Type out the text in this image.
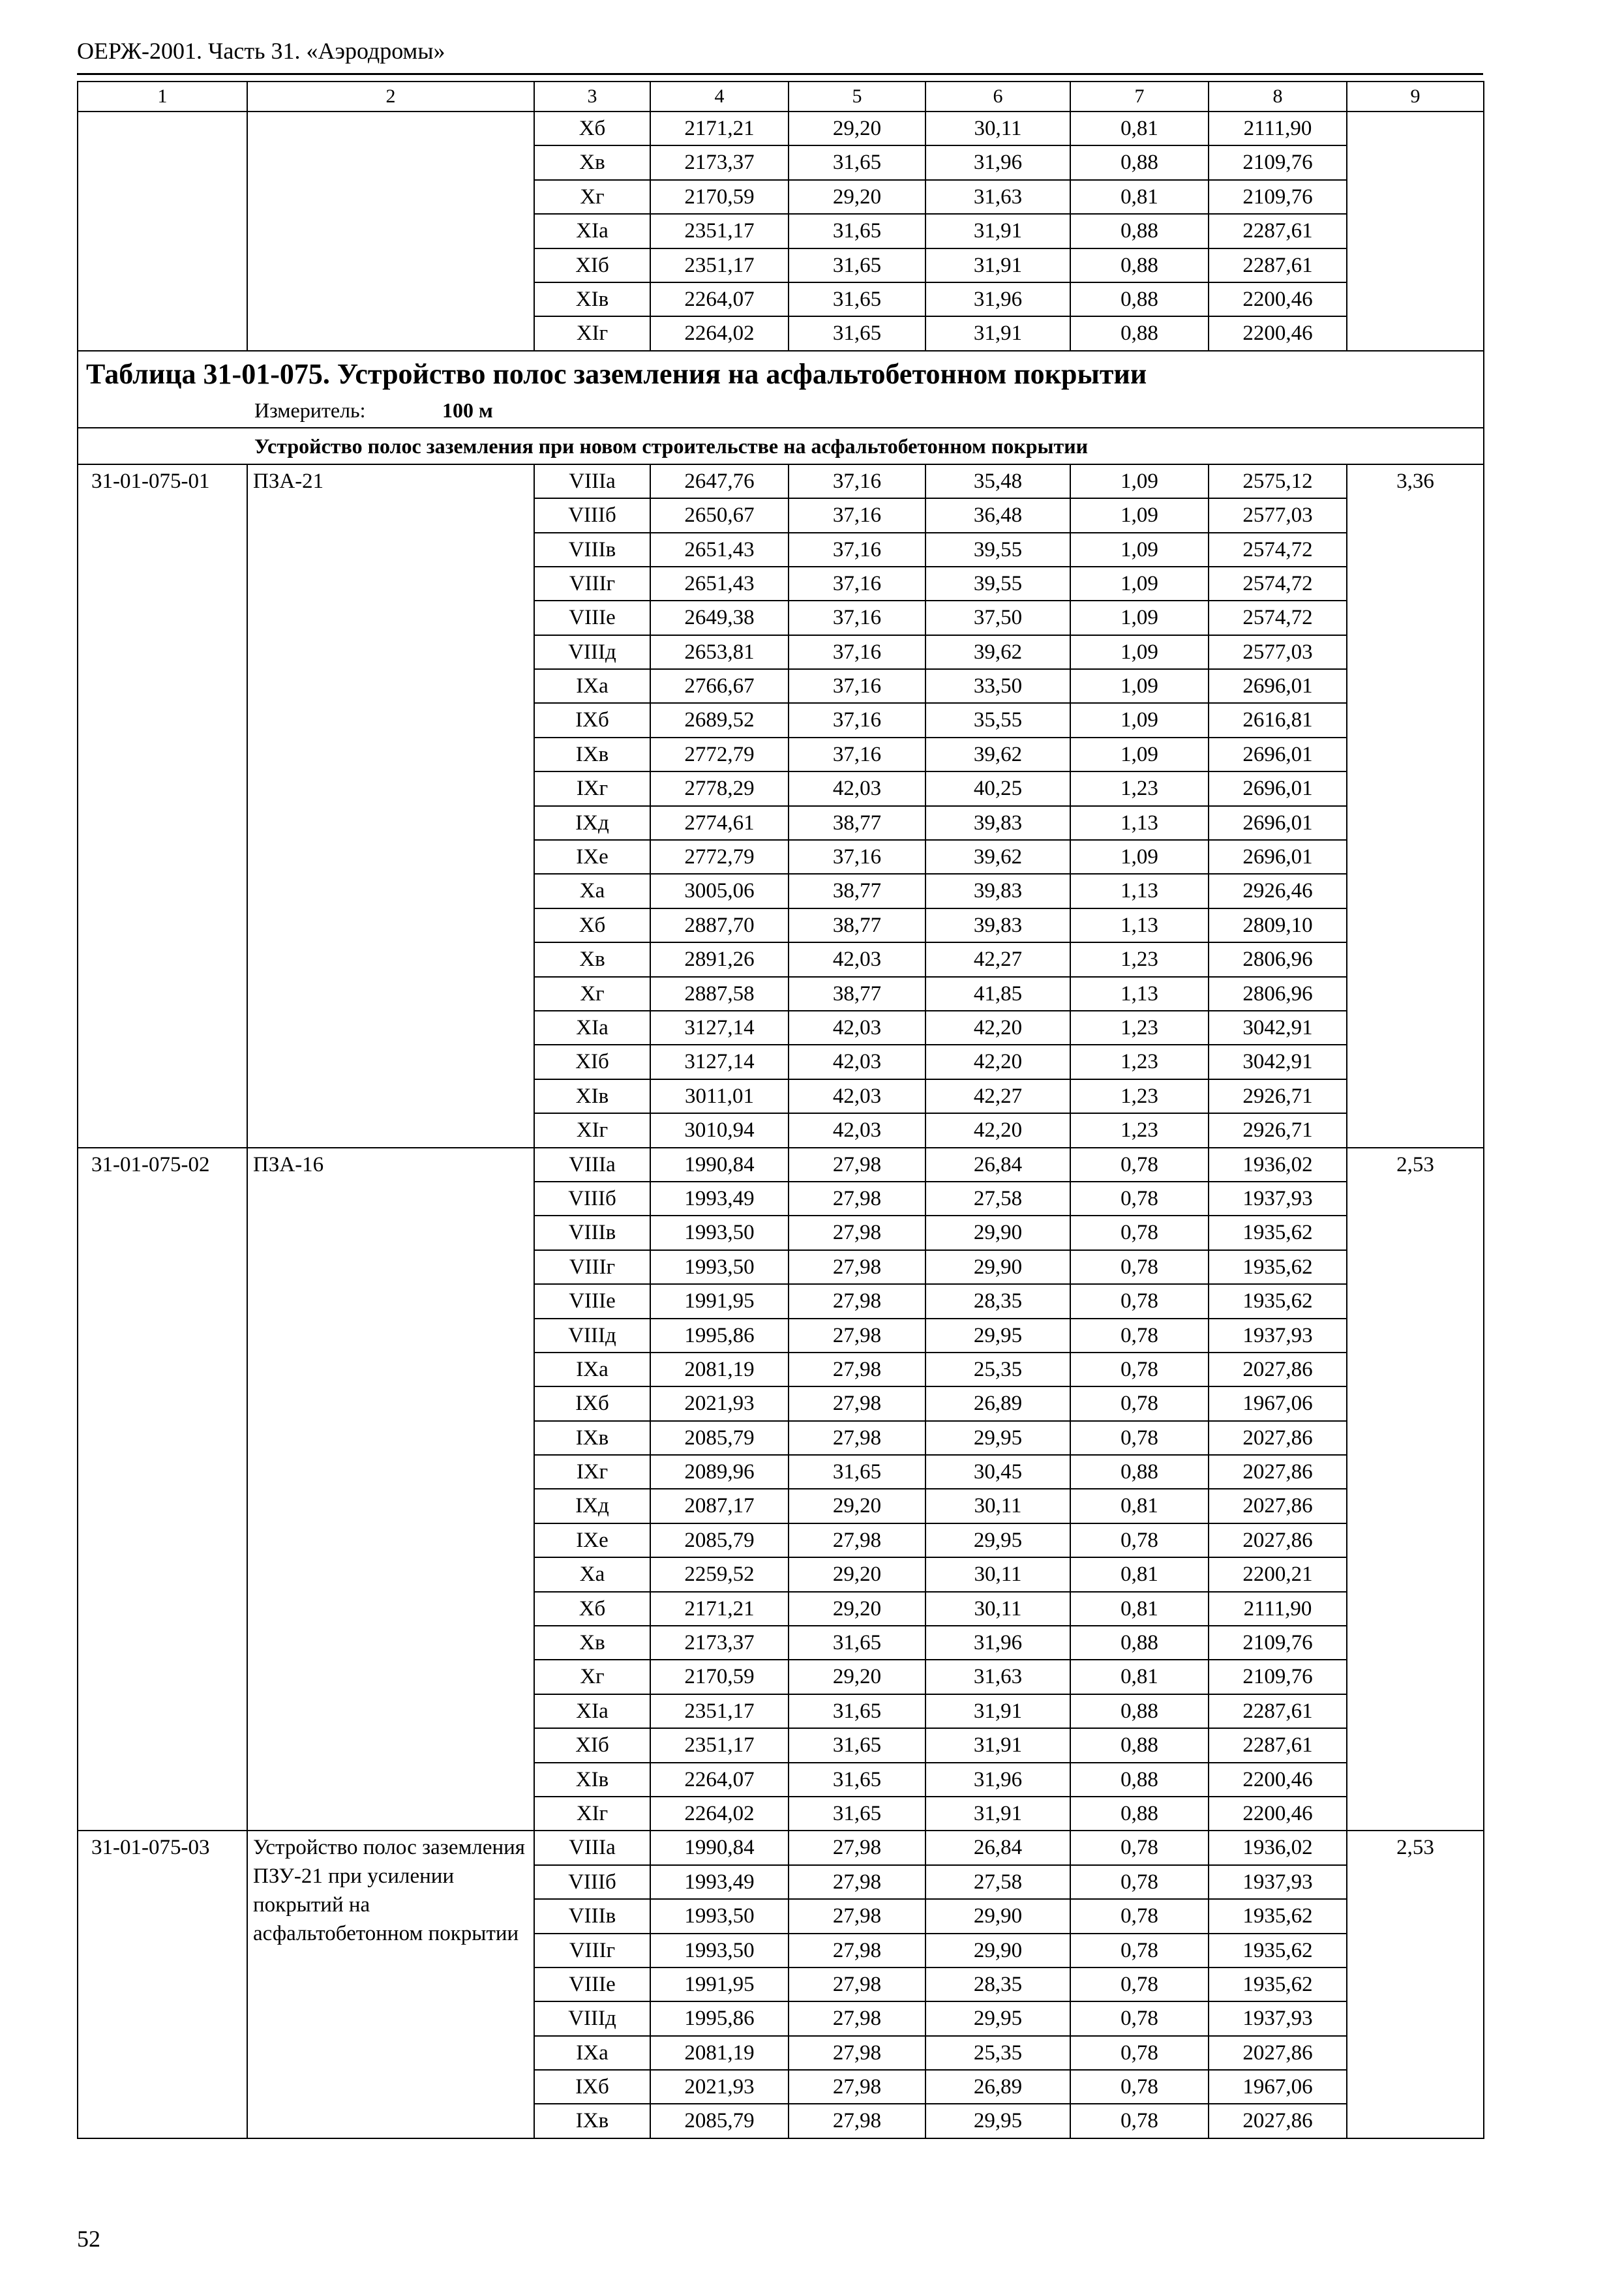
ОЕРЖ-2001. Часть 31. «Аэродромы»
1	2	3	4	5	6	7	8	9
		Xб	2171,21	29,20	30,11	0,81	2111,90	
		Xв	2173,37	31,65	31,96	0,88	2109,76	
		Xг	2170,59	29,20	31,63	0,81	2109,76	
		XIа	2351,17	31,65	31,91	0,88	2287,61	
		XIб	2351,17	31,65	31,91	0,88	2287,61	
		XIв	2264,07	31,65	31,96	0,88	2200,46	
		XIг	2264,02	31,65	31,91	0,88	2200,46	

Таблица 31-01-075. Устройство полос заземления на асфальтобетонном покрытии
Измеритель: 100 м								

Устройство полос заземления при новом строительстве на асфальтобетонном покрытии								
31-01-075-01	ПЗА-21	VIIIа	2647,76	37,16	35,48	1,09	2575,12	3,36
		VIIIб	2650,67	37,16	36,48	1,09	2577,03	
		VIIIв	2651,43	37,16	39,55	1,09	2574,72	
		VIIIг	2651,43	37,16	39,55	1,09	2574,72	
		VIIIе	2649,38	37,16	37,50	1,09	2574,72	
		VIIIд	2653,81	37,16	39,62	1,09	2577,03	
		IXа	2766,67	37,16	33,50	1,09	2696,01	
		IXб	2689,52	37,16	35,55	1,09	2616,81	
		IXв	2772,79	37,16	39,62	1,09	2696,01	
		IXг	2778,29	42,03	40,25	1,23	2696,01	
		IXд	2774,61	38,77	39,83	1,13	2696,01	
		IXе	2772,79	37,16	39,62	1,09	2696,01	
		Xа	3005,06	38,77	39,83	1,13	2926,46	
		Xб	2887,70	38,77	39,83	1,13	2809,10	
		Xв	2891,26	42,03	42,27	1,23	2806,96	
		Xг	2887,58	38,77	41,85	1,13	2806,96	
		XIа	3127,14	42,03	42,20	1,23	3042,91	
		XIб	3127,14	42,03	42,20	1,23	3042,91	
		XIв	3011,01	42,03	42,27	1,23	2926,71	
		XIг	3010,94	42,03	42,20	1,23	2926,71	
31-01-075-02	ПЗА-16	VIIIа	1990,84	27,98	26,84	0,78	1936,02	2,53
		VIIIб	1993,49	27,98	27,58	0,78	1937,93	
		VIIIв	1993,50	27,98	29,90	0,78	1935,62	
		VIIIг	1993,50	27,98	29,90	0,78	1935,62	
		VIIIе	1991,95	27,98	28,35	0,78	1935,62	
		VIIIд	1995,86	27,98	29,95	0,78	1937,93	
		IXа	2081,19	27,98	25,35	0,78	2027,86	
		IXб	2021,93	27,98	26,89	0,78	1967,06	
		IXв	2085,79	27,98	29,95	0,78	2027,86	
		IXг	2089,96	31,65	30,45	0,88	2027,86	
		IXд	2087,17	29,20	30,11	0,81	2027,86	
		IXе	2085,79	27,98	29,95	0,78	2027,86	
		Xа	2259,52	29,20	30,11	0,81	2200,21	
		Xб	2171,21	29,20	30,11	0,81	2111,90	
		Xв	2173,37	31,65	31,96	0,88	2109,76	
		Xг	2170,59	29,20	31,63	0,81	2109,76	
		XIа	2351,17	31,65	31,91	0,88	2287,61	
		XIб	2351,17	31,65	31,91	0,88	2287,61	
		XIв	2264,07	31,65	31,96	0,88	2200,46	
		XIг	2264,02	31,65	31,91	0,88	2200,46	
31-01-075-03	Устройство полос заземления ПЗУ-21 при усилении покрытий на асфальтобетонном покрытии	VIIIа	1990,84	27,98	26,84	0,78	1936,02	2,53
		VIIIб	1993,49	27,98	27,58	0,78	1937,93	
		VIIIв	1993,50	27,98	29,90	0,78	1935,62	
		VIIIг	1993,50	27,98	29,90	0,78	1935,62	
		VIIIе	1991,95	27,98	28,35	0,78	1935,62	
		VIIIд	1995,86	27,98	29,95	0,78	1937,93	
		IXа	2081,19	27,98	25,35	0,78	2027,86	
		IXб	2021,93	27,98	26,89	0,78	1967,06	
		IXв	2085,79	27,98	29,95	0,78	2027,86	
52
